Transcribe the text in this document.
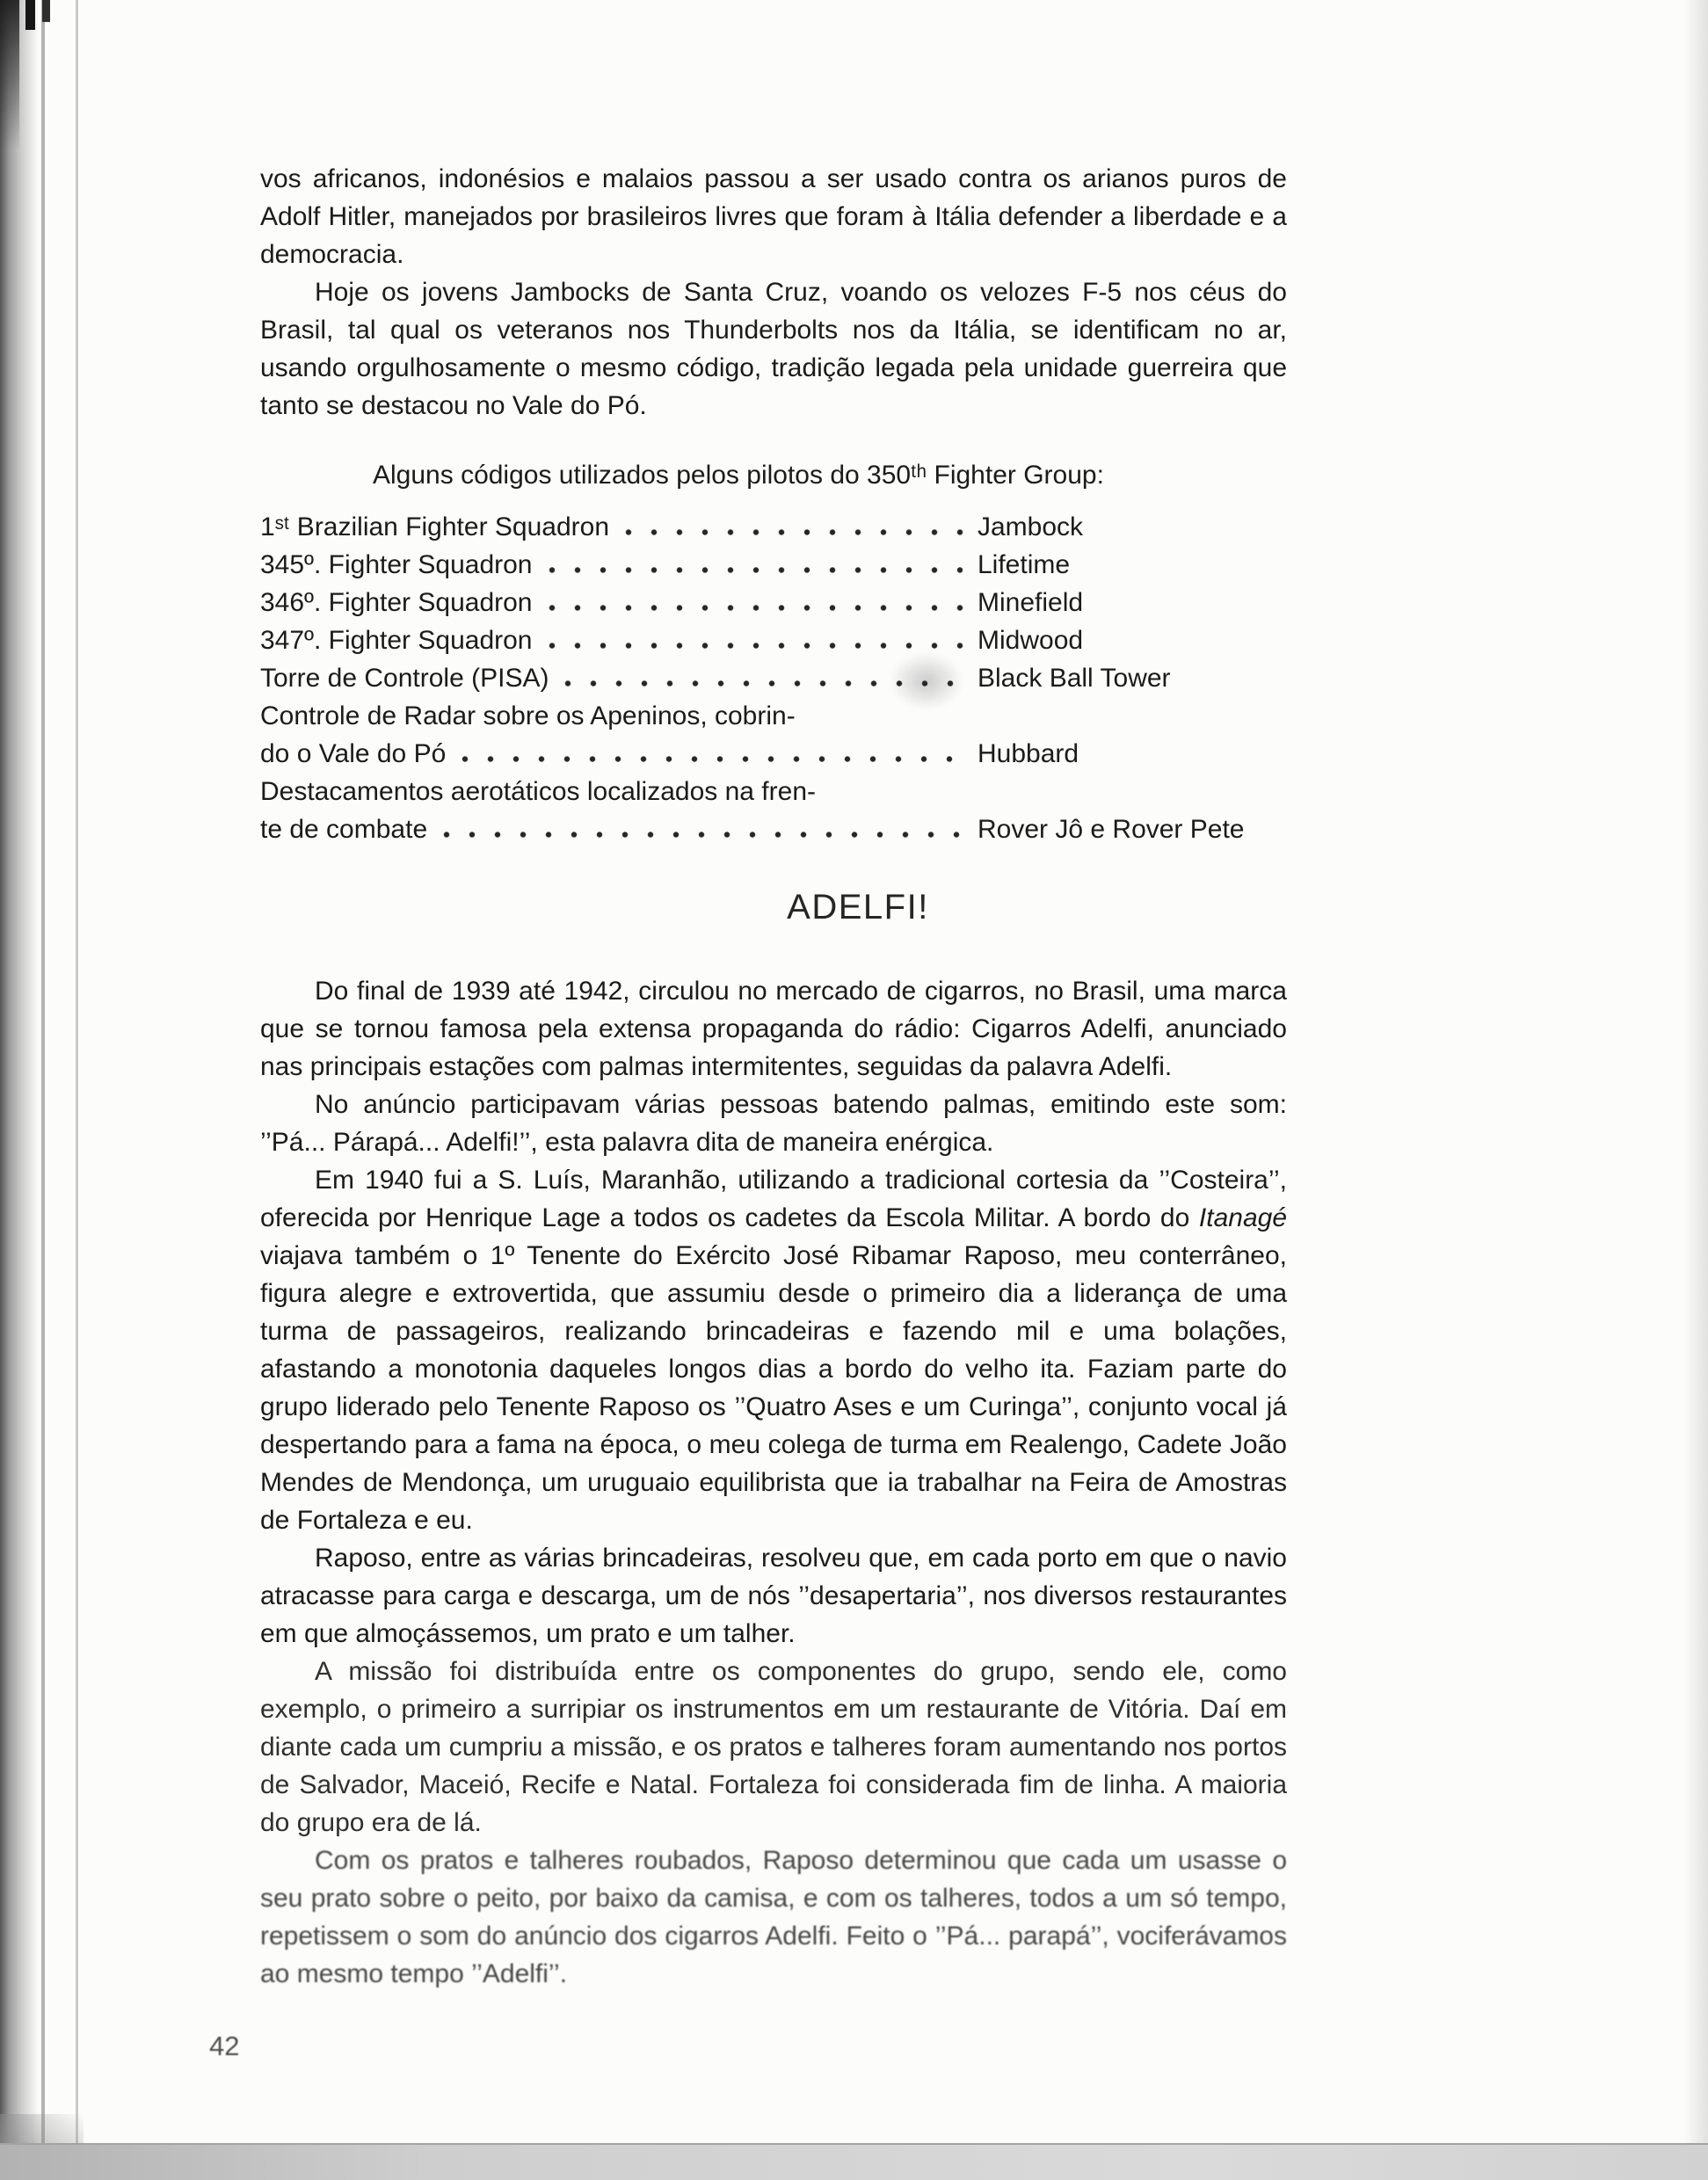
vos africanos, indonésios e malaios passou a ser usado contra os arianos puros de Adolf Hitler, manejados por brasileiros livres que foram à Itália defender a liberdade e a democracia.

Hoje os jovens Jambocks de Santa Cruz, voando os velozes F-5 nos céus do Brasil, tal qual os veteranos nos Thunderbolts nos da Itália, se identificam no ar, usando orgulhosamente o mesmo código, tradição legada pela unidade guerreira que tanto se destacou no Vale do Pó.

Alguns códigos utilizados pelos pilotos do 350ᵗʰ Fighter Group:

1ˢᵗ Brazilian Fighter Squadron	Jambock
345º. Fighter Squadron	Lifetime
346º. Fighter Squadron	Minefield
347º. Fighter Squadron	Midwood
Torre de Controle (PISA)	Black Ball Tower
Controle de Radar sobre os Apeninos, cobrin-
do o Vale do Pó	Hubbard
Destacamentos aerotáticos localizados na fren-
te de combate	Rover Jô e Rover Pete
ADELFI!

Do final de 1939 até 1942, circulou no mercado de cigarros, no Brasil, uma marca que se tornou famosa pela extensa propaganda do rádio: Cigarros Adelfi, anunciado nas principais estações com palmas intermitentes, seguidas da palavra Adelfi.

No anúncio participavam várias pessoas batendo palmas, emitindo este som: ’’Pá... Párapá... Adelfi!’’, esta palavra dita de maneira enérgica.

Em 1940 fui a S. Luís, Maranhão, utilizando a tradicional cortesia da ’’Costeira’’, oferecida por Henrique Lage a todos os cadetes da Escola Militar. A bordo do Itanagé viajava também o 1º Tenente do Exército José Ribamar Raposo, meu conterrâneo, figura alegre e extrovertida, que assumiu desde o primeiro dia a liderança de uma turma de passageiros, realizando brincadeiras e fazendo mil e uma bolações, afastando a monotonia daqueles longos dias a bordo do velho ita. Faziam parte do grupo liderado pelo Tenente Raposo os ’’Quatro Ases e um Curinga’’, conjunto vocal já despertando para a fama na época, o meu colega de turma em Realengo, Cadete João Mendes de Mendonça, um uruguaio equilibrista que ia trabalhar na Feira de Amostras de Fortaleza e eu.

Raposo, entre as várias brincadeiras, resolveu que, em cada porto em que o navio atracasse para carga e descarga, um de nós ’’desapertaria’’, nos diversos restaurantes em que almoçássemos, um prato e um talher.

A missão foi distribuída entre os componentes do grupo, sendo ele, como exemplo, o primeiro a surripiar os instrumentos em um restaurante de Vitória. Daí em diante cada um cumpriu a missão, e os pratos e talheres foram aumentando nos portos de Salvador, Maceió, Recife e Natal. Fortaleza foi considerada fim de linha. A maioria do grupo era de lá.

Com os pratos e talheres roubados, Raposo determinou que cada um usasse o seu prato sobre o peito, por baixo da camisa, e com os talheres, todos a um só tempo, repetissem o som do anúncio dos cigarros Adelfi. Feito o ’’Pá... parapá’’, vociferávamos ao mesmo tempo ’’Adelfi’’.

42
